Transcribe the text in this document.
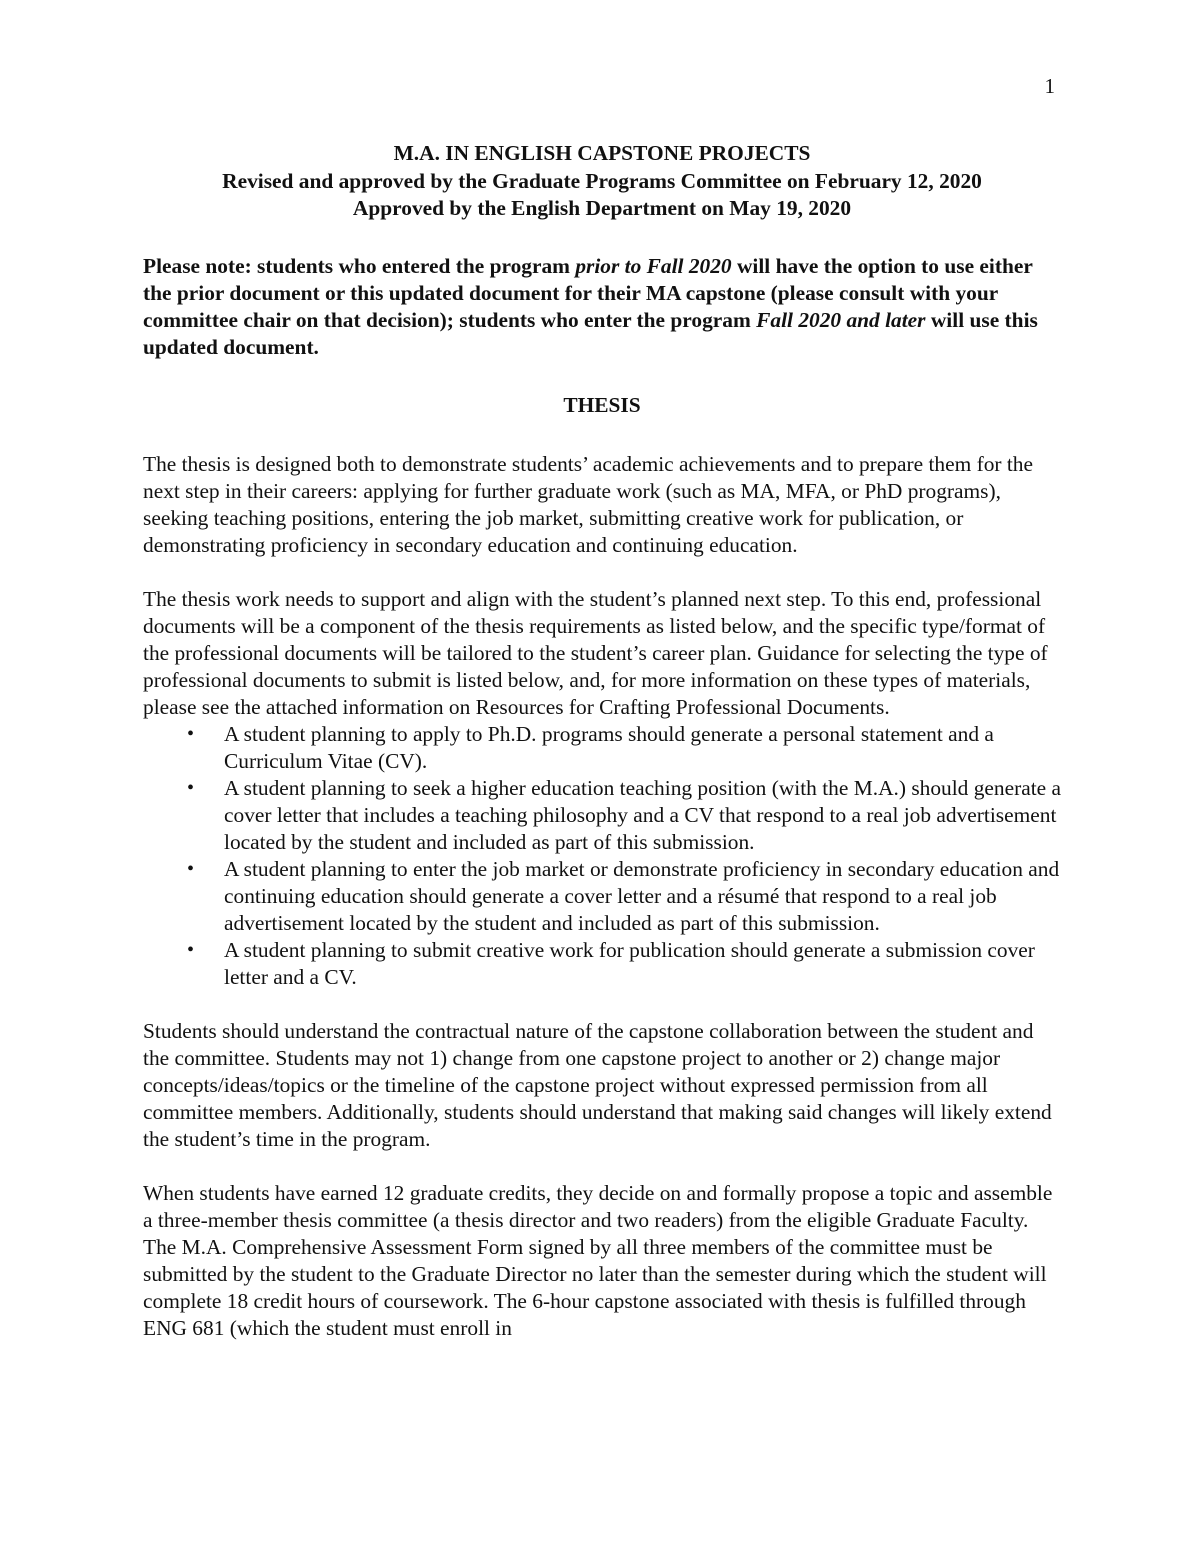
1
M.A. IN ENGLISH CAPSTONE PROJECTS
Revised and approved by the Graduate Programs Committee on February 12, 2020
Approved by the English Department on May 19, 2020
Please note: students who entered the program prior to Fall 2020 will have the option to use either the prior document or this updated document for their MA capstone (please consult with your committee chair on that decision); students who enter the program Fall 2020 and later will use this updated document.
THESIS

The thesis is designed both to demonstrate students’ academic achievements and to prepare them for the next step in their careers: applying for further graduate work (such as MA, MFA, or PhD programs), seeking teaching positions, entering the job market, submitting creative work for publication, or demonstrating proficiency in secondary education and continuing education.

The thesis work needs to support and align with the student’s planned next step. To this end, professional documents will be a component of the thesis requirements as listed below, and the specific type/format of the professional documents will be tailored to the student’s career plan. Guidance for selecting the type of professional documents to submit is listed below, and, for more information on these types of materials, please see the attached information on Resources for Crafting Professional Documents.

• A student planning to apply to Ph.D. programs should generate a personal statement and a Curriculum Vitae (CV).
• A student planning to seek a higher education teaching position (with the M.A.) should generate a cover letter that includes a teaching philosophy and a CV that respond to a real job advertisement located by the student and included as part of this submission.
• A student planning to enter the job market or demonstrate proficiency in secondary education and continuing education should generate a cover letter and a résumé that respond to a real job advertisement located by the student and included as part of this submission.
• A student planning to submit creative work for publication should generate a submission cover letter and a CV.

Students should understand the contractual nature of the capstone collaboration between the student and the committee. Students may not 1) change from one capstone project to another or 2) change major concepts/ideas/topics or the timeline of the capstone project without expressed permission from all committee members. Additionally, students should understand that making said changes will likely extend the student’s time in the program.

When students have earned 12 graduate credits, they decide on and formally propose a topic and assemble a three-member thesis committee (a thesis director and two readers) from the eligible Graduate Faculty. The M.A. Comprehensive Assessment Form signed by all three members of the committee must be submitted by the student to the Graduate Director no later than the semester during which the student will complete 18 credit hours of coursework. The 6-hour capstone associated with thesis is fulfilled through ENG 681 (which the student must enroll in
